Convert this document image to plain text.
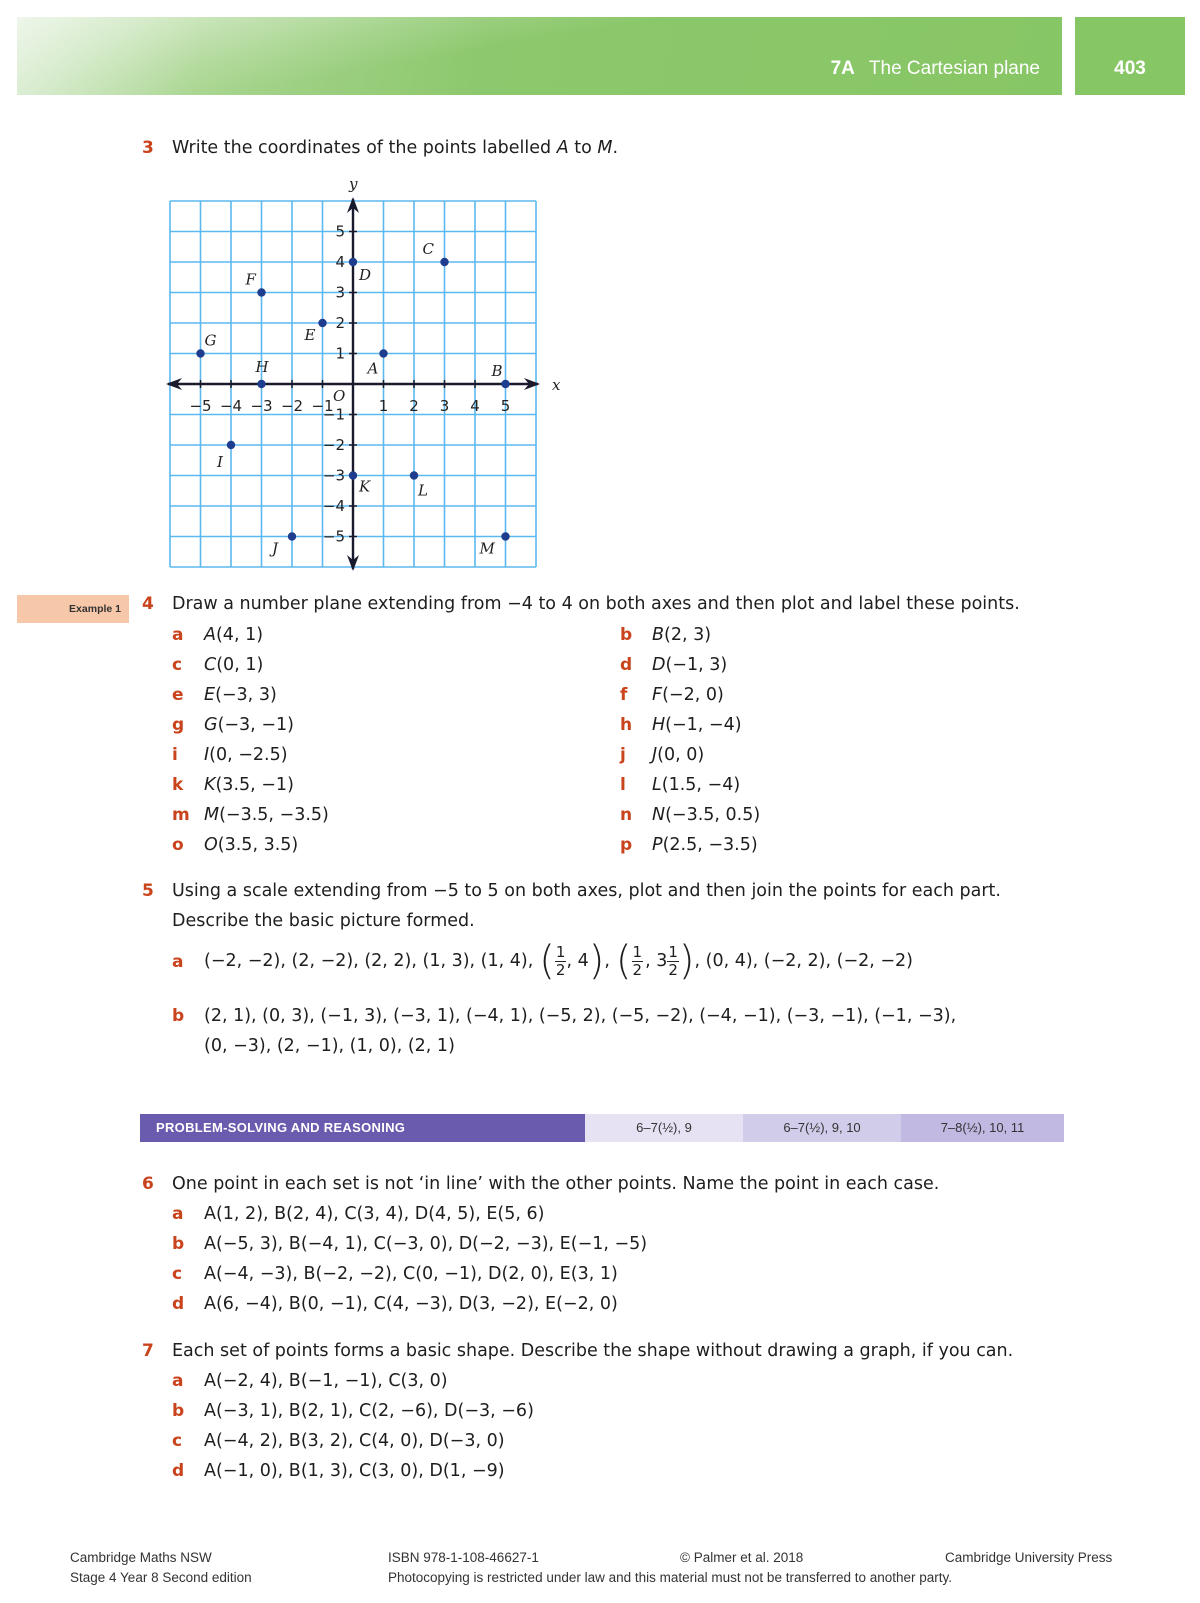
7A The Cartesian plane	403
3 Write the coordinates of the points labelled A to M.
x
y
O
−5 −4 −3 −2 −1	1 2 3 4 5
−5
−4
−3
−2
−1
1
2
3
4
5
A	B
C
D
E
F
G
H
I
J
K	L
M
Example 1	4 Draw a number plane extending from −4 to 4 on both axes and then plot and label these points.
a A(4, 1)	b B(2, 3)
c C(0, 1)	d D(−1, 3)
e E(−3, 3)	f F(−2, 0)
g G(−3, −1)	h H(−1, −4)
i I(0, −2.5)	j J(0, 0)
k K(3.5, −1)	l L(1.5, −4)
m M(−3.5, −3.5)	n N(−3.5, 0.5)
o O(3.5, 3.5)	p P(2.5, −3.5)
5 Using a scale extending from −5 to 5 on both axes, plot and then join the points for each part.
Describe the basic picture formed.
a (−2, −2), (2, −2), (2, 2), (1, 3), (1, 4), ( $\frac{1}{2}$ , 4 ) , ( $\frac{1}{2}$ , $3 \frac{1}{2}$ ) , (0, 4), (−2, 2), (−2, −2)
b (2, 1), (0, 3), (−1, 3), (−3, 1), (−4, 1), (−5, 2), (−5, −2), (−4, −1), (−3, −1), (−1, −3),
(0, −3), (2, −1), (1, 0), (2, 1)
PROBLEM-SOLVING AND REASONING	6–7(½), 9	6–7(½), 9, 10	7–8(½), 10, 11
6 One point in each set is not ‘in line’ with the other points. Name the point in each case.
a A(1, 2), B(2, 4), C(3, 4), D(4, 5), E(5, 6)
b A(−5, 3), B(−4, 1), C(−3, 0), D(−2, −3), E(−1, −5)
c A(−4, −3), B(−2, −2), C(0, −1), D(2, 0), E(3, 1)
d A(6, −4), B(0, −1), C(4, −3), D(3, −2), E(−2, 0)
7 Each set of points forms a basic shape. Describe the shape without drawing a graph, if you can.
a A(−2, 4), B(−1, −1), C(3, 0)
b A(−3, 1), B(2, 1), C(2, −6), D(−3, −6)
c A(−4, 2), B(3, 2), C(4, 0), D(−3, 0)
d A(−1, 0), B(1, 3), C(3, 0), D(1, −9)
Cambridge Maths NSW
Stage 4 Year 8 Second edition
ISBN 978-1-108-46627-1	© Palmer et al. 2018	Cambridge University Press
Photocopying is restricted under law and this material must not be transferred to another party.
